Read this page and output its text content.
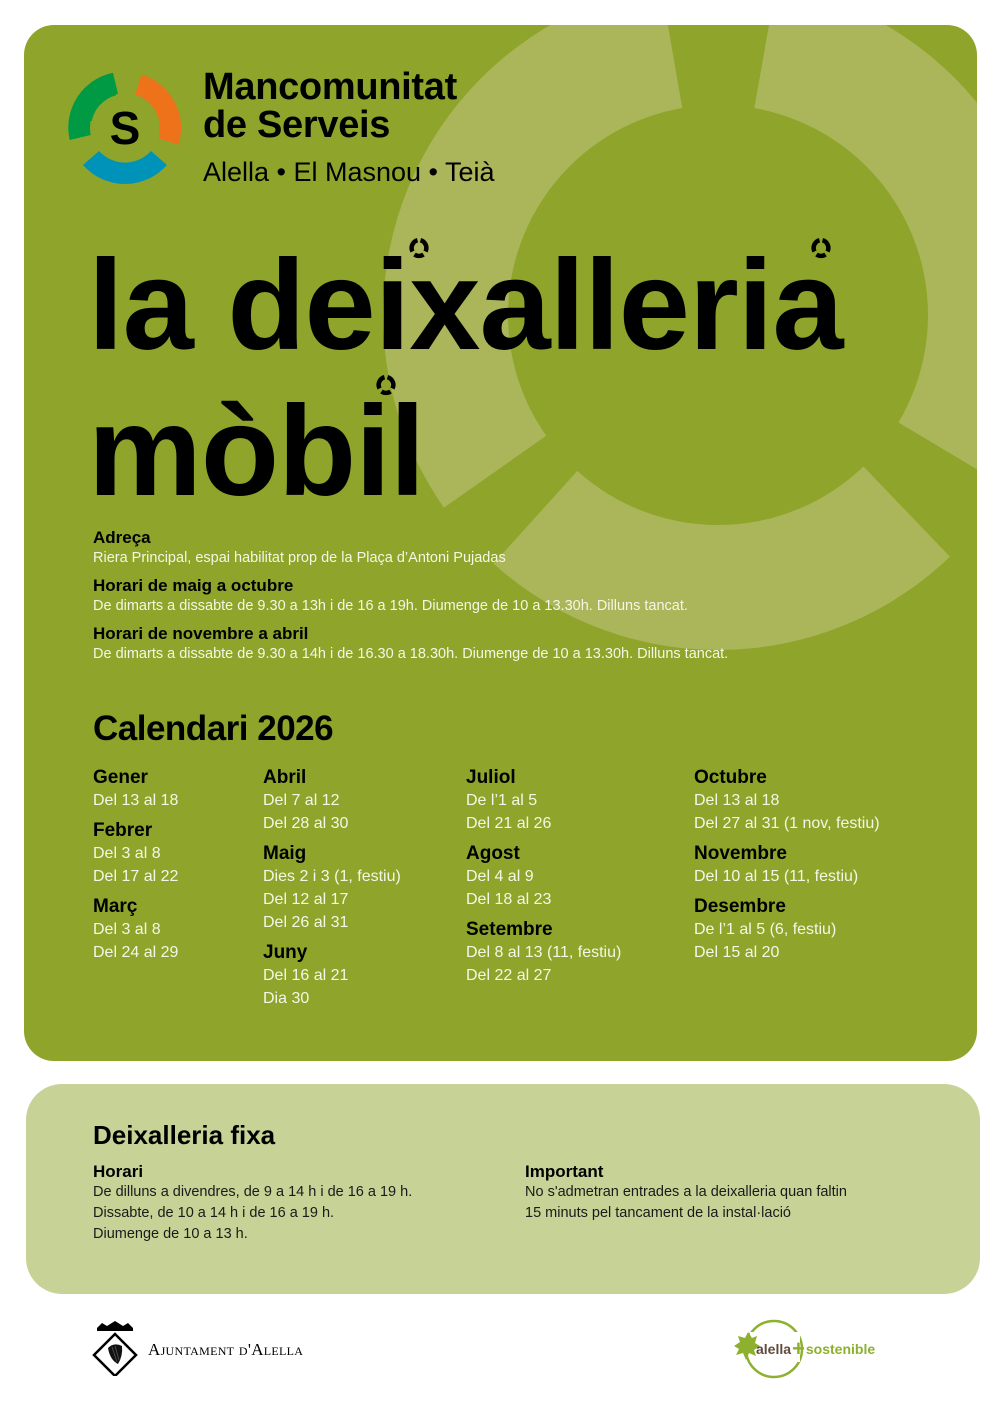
S
Mancomunitat
de Serveis
Alella • El Masnou • Teià
la deixalleria
mòbil
Adreça
Riera Principal, espai habilitat prop de la Plaça d’Antoni Pujadas
Horari de maig a octubre
De dimarts a dissabte de 9.30 a 13h i de 16 a 19h. Diumenge de 10 a 13.30h. Dilluns tancat.
Horari de novembre a abril
De dimarts a dissabte de 9.30 a 14h i de 16.30 a 18.30h. Diumenge de 10 a 13.30h. Dilluns tancat.
Calendari 2026
Gener
Del 13 al 18
Febrer
Del 3 al 8
Del 17 al 22
Març
Del 3 al 8
Del 24 al 29
Abril
Del 7 al 12
Del 28 al 30
Maig
Dies 2 i 3 (1, festiu)
Del 12 al 17
Del 26 al 31
Juny
Del 16 al 21
Dia 30
Juliol
De l’1 al 5
Del 21 al 26
Agost
Del 4 al 9
Del 18 al 23
Setembre
Del 8 al 13 (11, festiu)
Del 22 al 27
Octubre
Del 13 al 18
Del 27 al 31 (1 nov, festiu)
Novembre
Del 10 al 15 (11, festiu)
Desembre
De l’1 al 5 (6, festiu)
Del 15 al 20
Deixalleria fixa
Horari
De dilluns a divendres, de 9 a 14 h i de 16 a 19 h.
Dissabte, de 10 a 14 h i de 16 a 19 h.
Diumenge de 10 a 13 h.
Important
No s'admetran entrades a la deixalleria quan faltin
15 minuts pel tancament de la instal·lació
Ajuntament d'Alella	alella+sostenible
